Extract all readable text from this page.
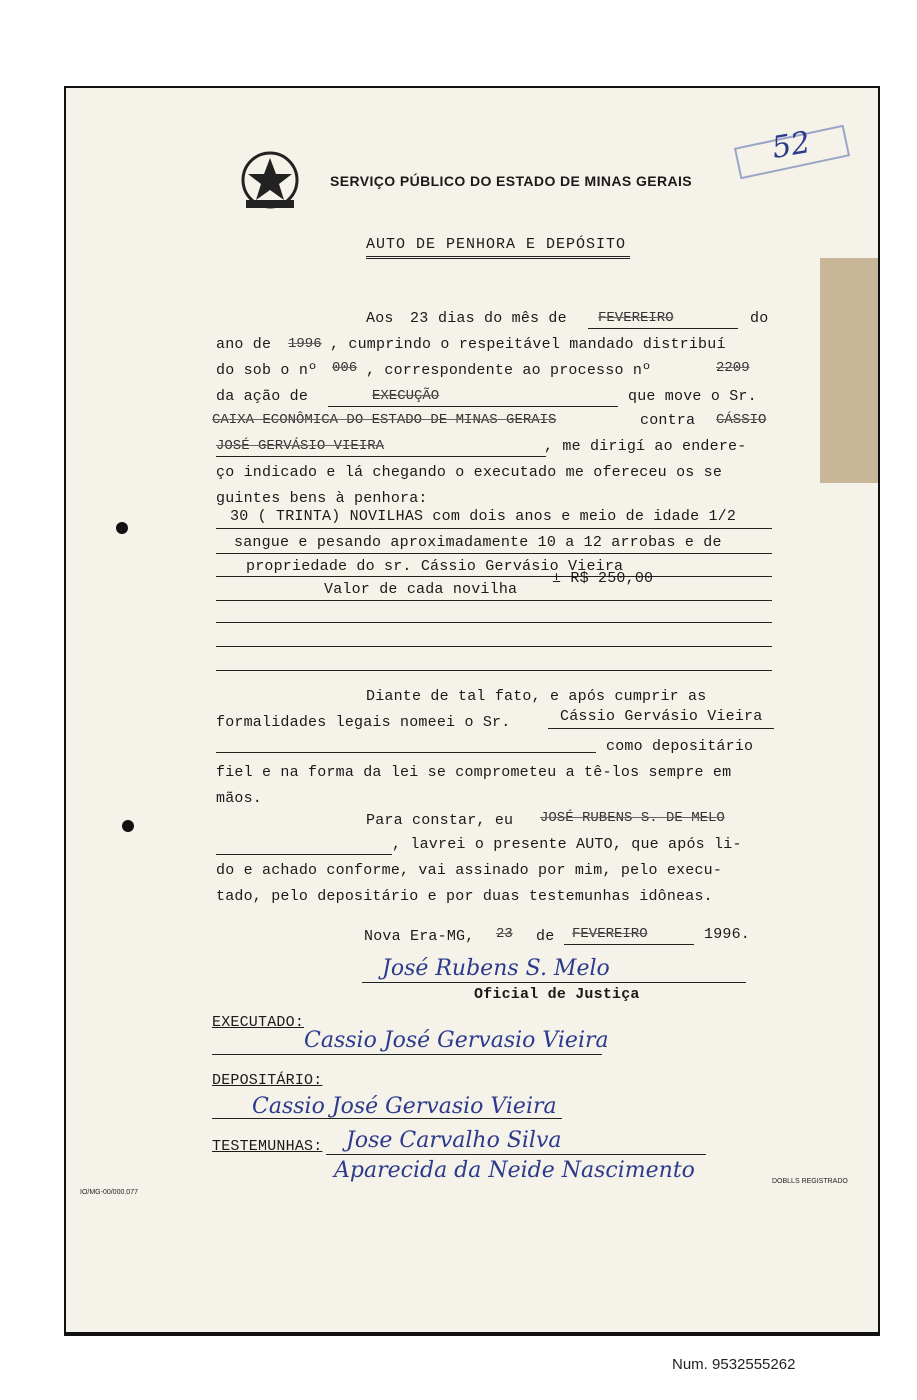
SERVIÇO PÚBLICO DO ESTADO DE MINAS GERAIS
52
AUTO DE PENHORA E DEPÓSITO
Aos 23 dias do mês de FEVEREIRO	do
ano de 1996 , cumprindo o respeitável mandado distribuí
do sob o nº 006 , correspondente ao processo nº	2209
da ação de	EXECUÇÃO	que move o Sr.
CAIXA ECONÔMICA DO ESTADO DE MINAS GERAIS	contra CÁSSIO
JOSÉ GERVÁSIO VIEIRA	, me dirigí ao endere-
ço indicado e lá chegando o executado me ofereceu os se
guintes bens à penhora:
30 ( TRINTA) NOVILHAS com dois anos e meio de idade 1/2
sangue e pesando aproximadamente 10 a 12 arrobas e de
propriedade do sr. Cássio Gervásio Vieira
Valor de cada novilha
± R$ 250,00
Diante de tal fato, e após cumprir as
formalidades legais nomeei o Sr.	Cássio Gervásio Vieira
como depositário
fiel e na forma da lei se comprometeu a tê-los sempre em
mãos.
Para constar, eu JOSÉ RUBENS S. DE MELO
, lavrei o presente AUTO, que após li-
do e achado conforme, vai assinado por mim, pelo execu-
tado, pelo depositário e por duas testemunhas idôneas.
Nova Era-MG, 23 de FEVEREIRO	1996.
José Rubens S. Melo
Oficial de Justiça
EXECUTADO:
Cassio José Gervasio Vieira
DEPOSITÁRIO:
Cassio José Gervasio Vieira
TESTEMUNHAS: Jose Carvalho Silva
Aparecida da Neide Nascimento
IO/MG-00/000.077
DOBLLS REGISTRADO
Num. 9532555262
